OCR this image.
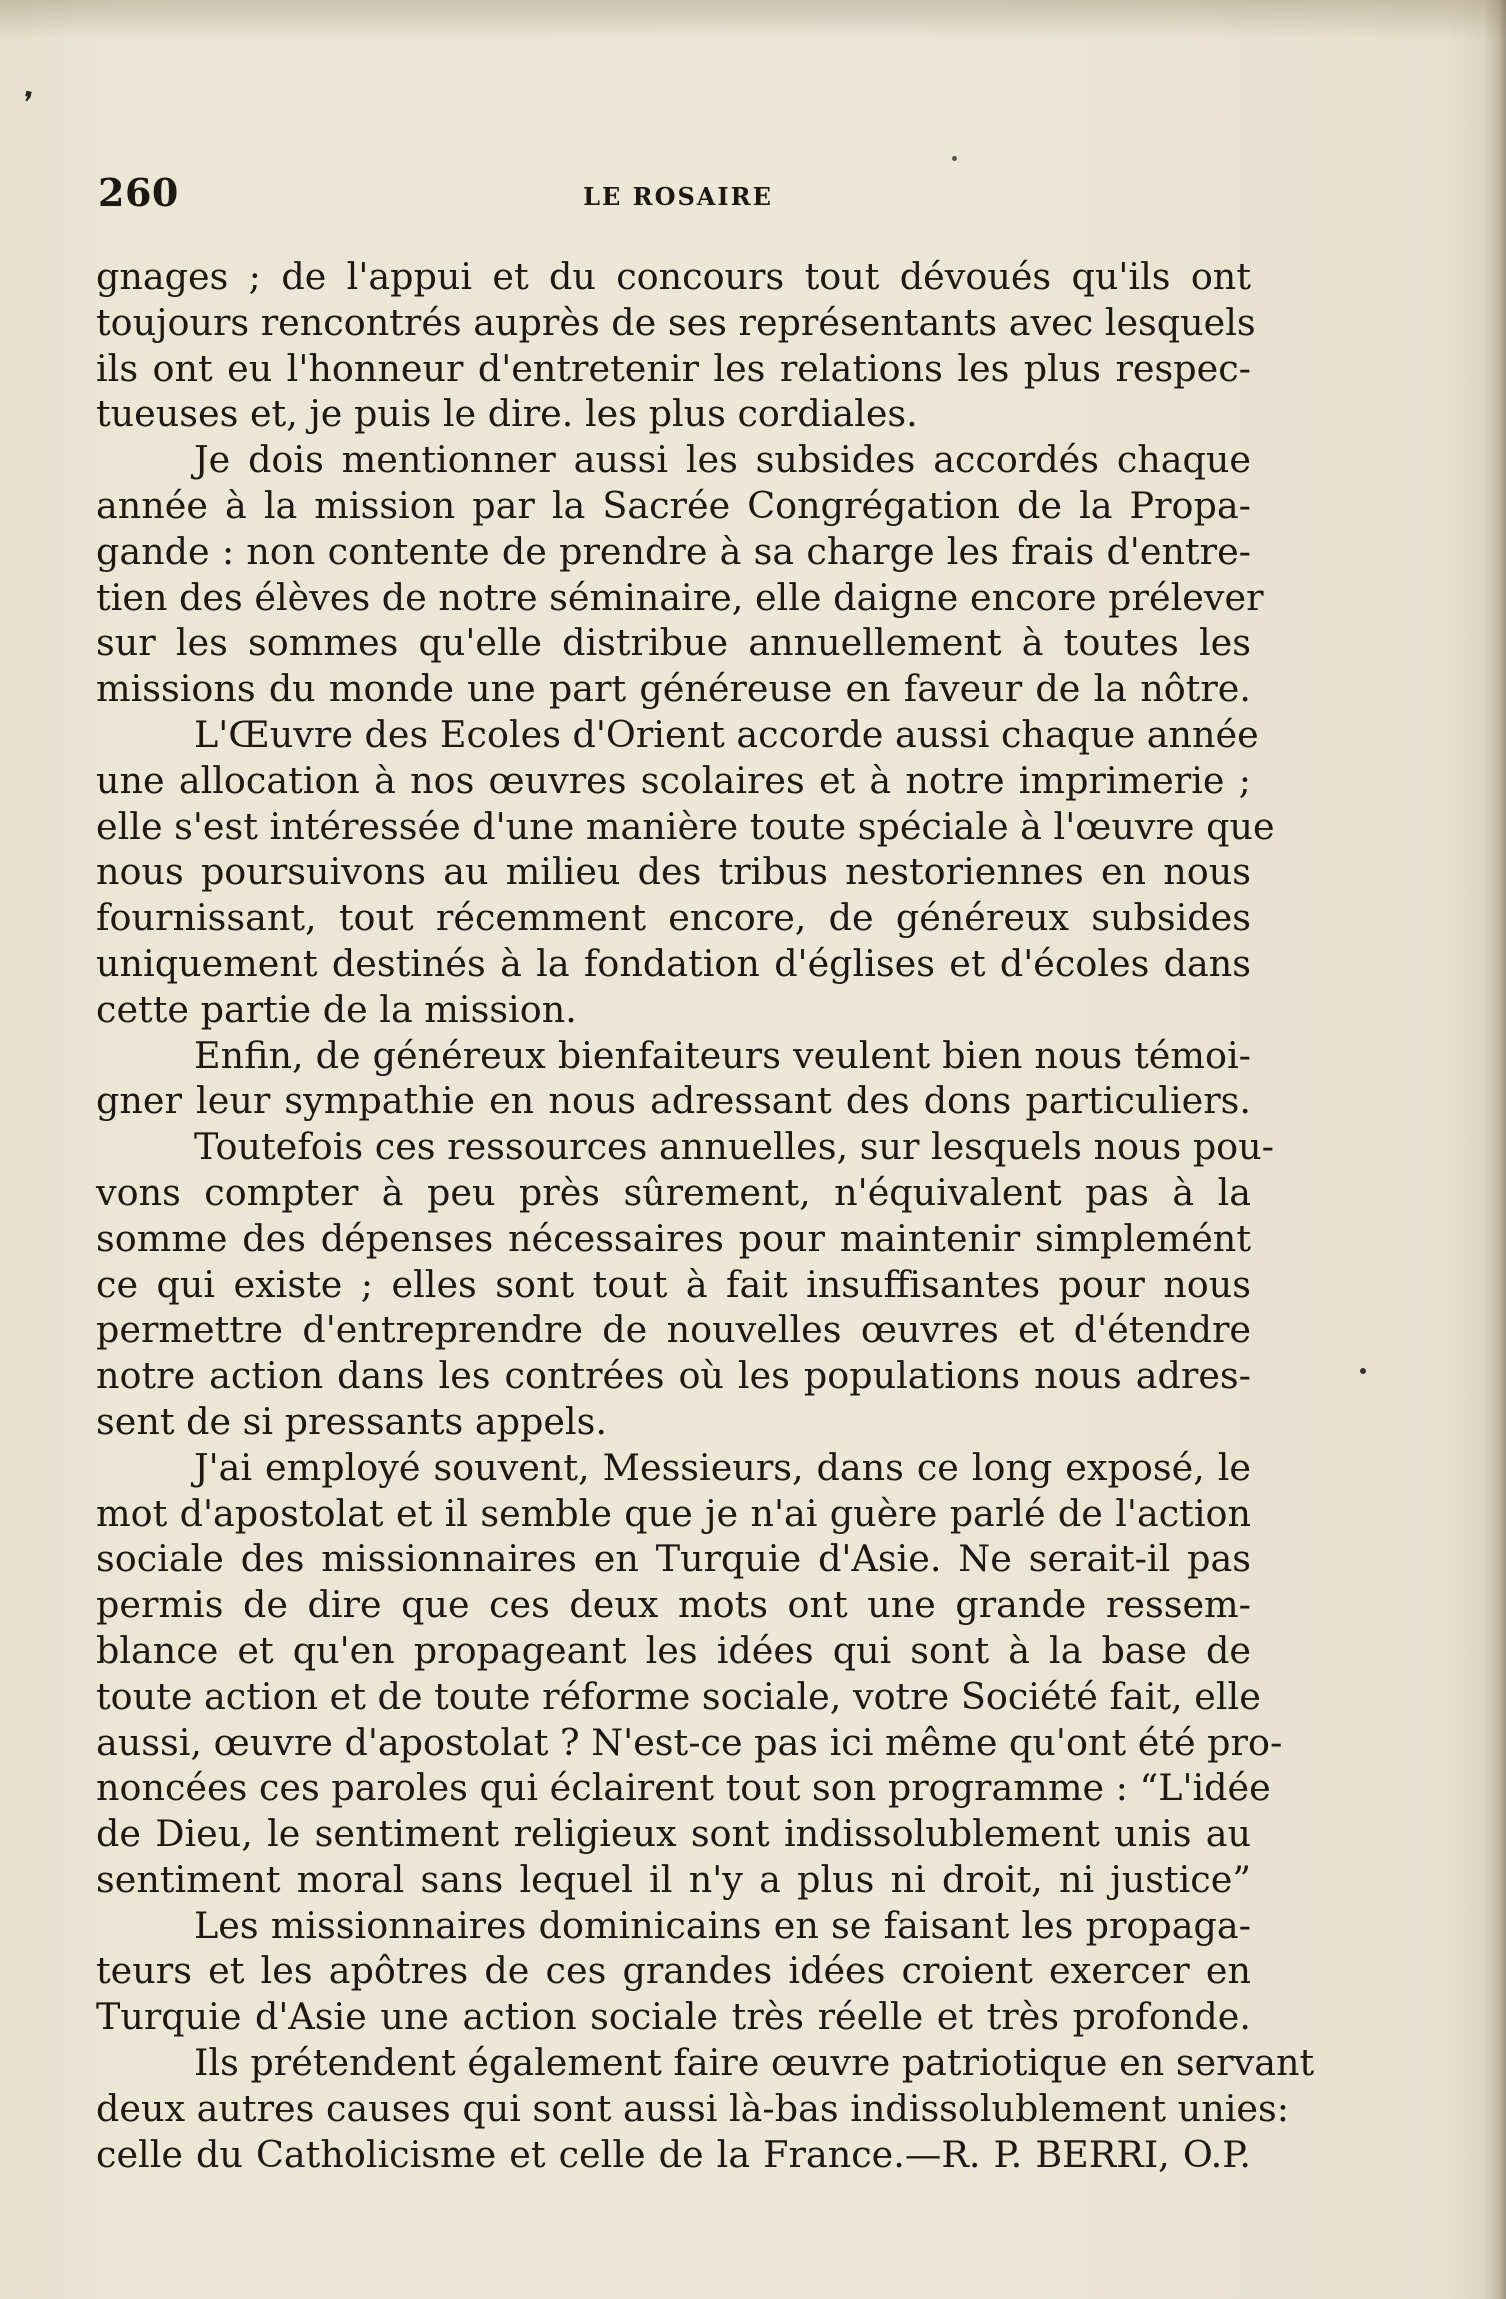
❜
260	LE ROSAIRE
gnages ; de l'appui et du concours tout dévoués qu'ils ont
toujours rencontrés auprès de ses représentants avec lesquels
ils ont eu l'honneur d'entretenir les relations les plus respec-
tueuses et, je puis le dire. les plus cordiales.
Je dois mentionner aussi les subsides accordés chaque
année à la mission par la Sacrée Congrégation de la Propa-
gande : non contente de prendre à sa charge les frais d'entre-
tien des élèves de notre séminaire, elle daigne encore prélever
sur les sommes qu'elle distribue annuellement à toutes les
missions du monde une part généreuse en faveur de la nôtre.
L'Œuvre des Ecoles d'Orient accorde aussi chaque année
une allocation à nos œuvres scolaires et à notre imprimerie ;
elle s'est intéressée d'une manière toute spéciale à l'œuvre que
nous poursuivons au milieu des tribus nestoriennes en nous
fournissant, tout récemment encore, de généreux subsides
uniquement destinés à la fondation d'églises et d'écoles dans
cette partie de la mission.
Enfin, de généreux bienfaiteurs veulent bien nous témoi-
gner leur sympathie en nous adressant des dons particuliers.
Toutefois ces ressources annuelles, sur lesquels nous pou-
vons compter à peu près sûrement, n'équivalent pas à la
somme des dépenses nécessaires pour maintenir simplemént
ce qui existe ; elles sont tout à fait insuffisantes pour nous
permettre d'entreprendre de nouvelles œuvres et d'étendre
notre action dans les contrées où les populations nous adres-
sent de si pressants appels.
J'ai employé souvent, Messieurs, dans ce long exposé, le
mot d'apostolat et il semble que je n'ai guère parlé de l'action
sociale des missionnaires en Turquie d'Asie. Ne serait-il pas
permis de dire que ces deux mots ont une grande ressem-
blance et qu'en propageant les idées qui sont à la base de
toute action et de toute réforme sociale, votre Société fait, elle
aussi, œuvre d'apostolat ? N'est-ce pas ici même qu'ont été pro-
noncées ces paroles qui éclairent tout son programme : “L'idée
de Dieu, le sentiment religieux sont indissolublement unis au
sentiment moral sans lequel il n'y a plus ni droit, ni justice”
Les missionnaires dominicains en se faisant les propaga-
teurs et les apôtres de ces grandes idées croient exercer en
Turquie d'Asie une action sociale très réelle et très profonde.
Ils prétendent également faire œuvre patriotique en servant
deux autres causes qui sont aussi là-bas indissolublement unies:
celle du Catholicisme et celle de la France.—R. P. BERRI, O.P.
